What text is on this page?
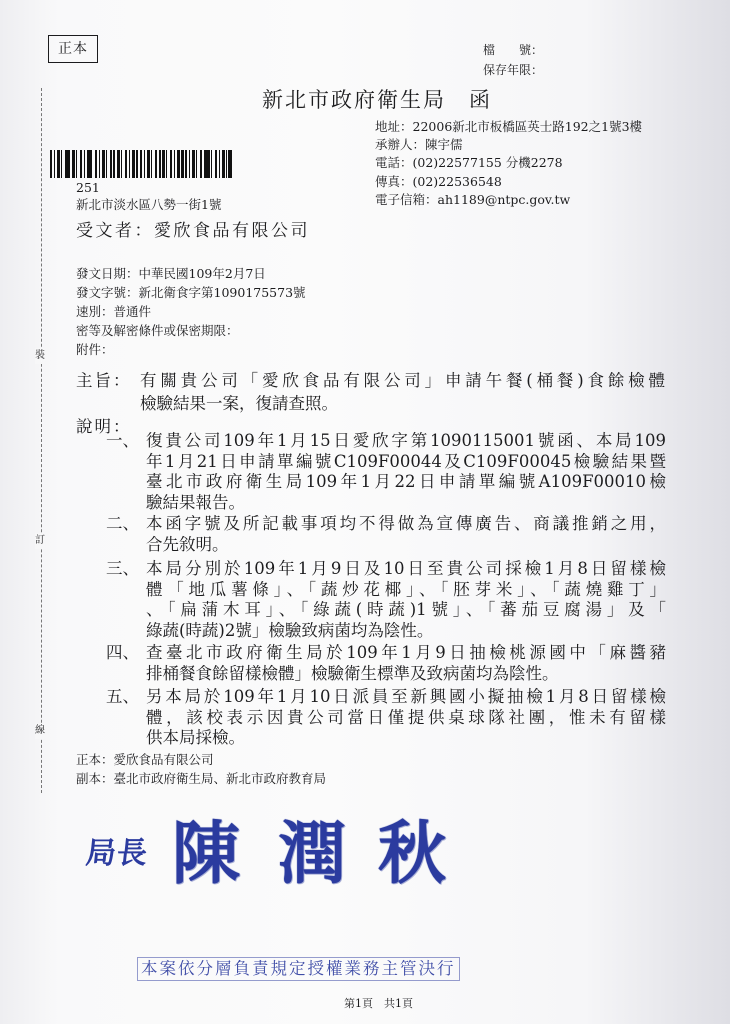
正本	檔　　號：
保存年限：
新北市政府衛生局　函
地址：22006新北市板橋區英士路192之1號3樓
承辦人：陳宇儒
電話：(02)22577155 分機2278
傳真：(02)22536548
電子信箱：ah1189@ntpc.gov.tw
251
新北市淡水區八勢一街1號
受文者：愛欣食品有限公司
發文日期：中華民國109年2月7日
發文字號：新北衛食字第1090175573號
速別：普通件
密等及解密條件或保密期限：
附件：
裝
訂
線
主旨： 有關貴公司「愛欣食品有限公司」申請午餐(桶餐)食餘檢體
檢驗結果一案，復請查照。
說明：
一、 復貴公司109年1月15日愛欣字第1090115001號函、本局109
年1月21日申請單編號C109F00044及C109F00045檢驗結果暨
臺北市政府衛生局109年1月22日申請單編號A109F00010檢
驗結果報告。
二、 本函字號及所記載事項均不得做為宣傳廣告、商議推銷之用，
合先敘明。
三、 本局分別於109年1月9日及10日至貴公司採檢1月8日留樣檢
體「地瓜薯條」、「蔬炒花椰」、「胚芽米」、「蔬燒雞丁」
、「扁蒲木耳」、「綠蔬(時蔬)1號」、「蕃茄豆腐湯」及「
綠蔬(時蔬)2號」檢驗致病菌均為陰性。
四、 查臺北市政府衛生局於109年1月9日抽檢桃源國中「麻醬豬
排桶餐食餘留樣檢體」檢驗衛生標準及致病菌均為陰性。
五、 另本局於109年1月10日派員至新興國小擬抽檢1月8日留樣檢
體，該校表示因貴公司當日僅提供桌球隊社團，惟未有留樣
供本局採檢。
正本：愛欣食品有限公司
副本：臺北市政府衛生局、新北市政府教育局
局長 陳 潤 秋
本案依分層負責規定授權業務主管決行
第1頁　共1頁
